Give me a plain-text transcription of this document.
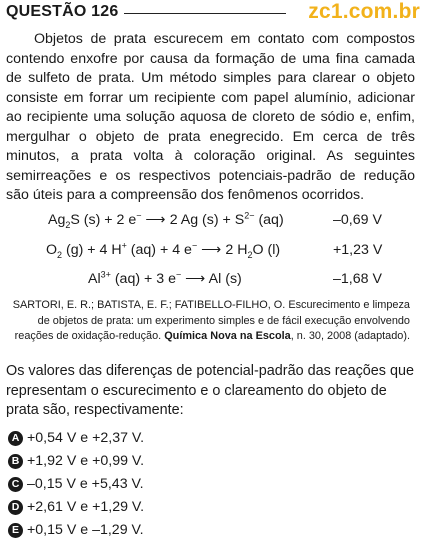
QUESTÃO 126	zc1.com.br

Objetos de prata escurecem em contato com compostos contendo enxofre por causa da formação de uma fina camada de sulfeto de prata. Um método simples para clarear o objeto consiste em forrar um recipiente com papel alumínio, adicionar ao recipiente uma solução aquosa de cloreto de sódio e, enfim, mergulhar o objeto de prata enegrecido. Em cerca de três minutos, a prata volta à coloração original. As seguintes semirreações e os respectivos potenciais-padrão de redução são úteis para a compreensão dos fenômenos ocorridos.

$Ag_2S$ (s) + 2 e− ⟶ 2 Ag $(s) + S^{2-}$ (aq)	–0,69 V
$O_2$ (g) + 4 H+ (aq) + 4 e− ⟶ 2 $H_2O$ (l)	+1,23 V
$Al^{3+}$ (aq) + 3 e− ⟶ Al (s)	–1,68 V

SARTORI, E. R.; BATISTA, E. F.; FATIBELLO-FILHO, O. Escurecimento e limpeza de objetos de prata: um experimento simples e de fácil execução envolvendo reações de oxidação-redução. Química Nova na Escola, n. 30, 2008 (adaptado).

Os valores das diferenças de potencial-padrão das reações que representam o escurecimento e o clareamento do objeto de prata são, respectivamente:

A +0,54 V e +2,37 V.
B +1,92 V e +0,99 V.
C –0,15 V e +5,43 V.
D +2,61 V e +1,29 V.
E +0,15 V e –1,29 V.
